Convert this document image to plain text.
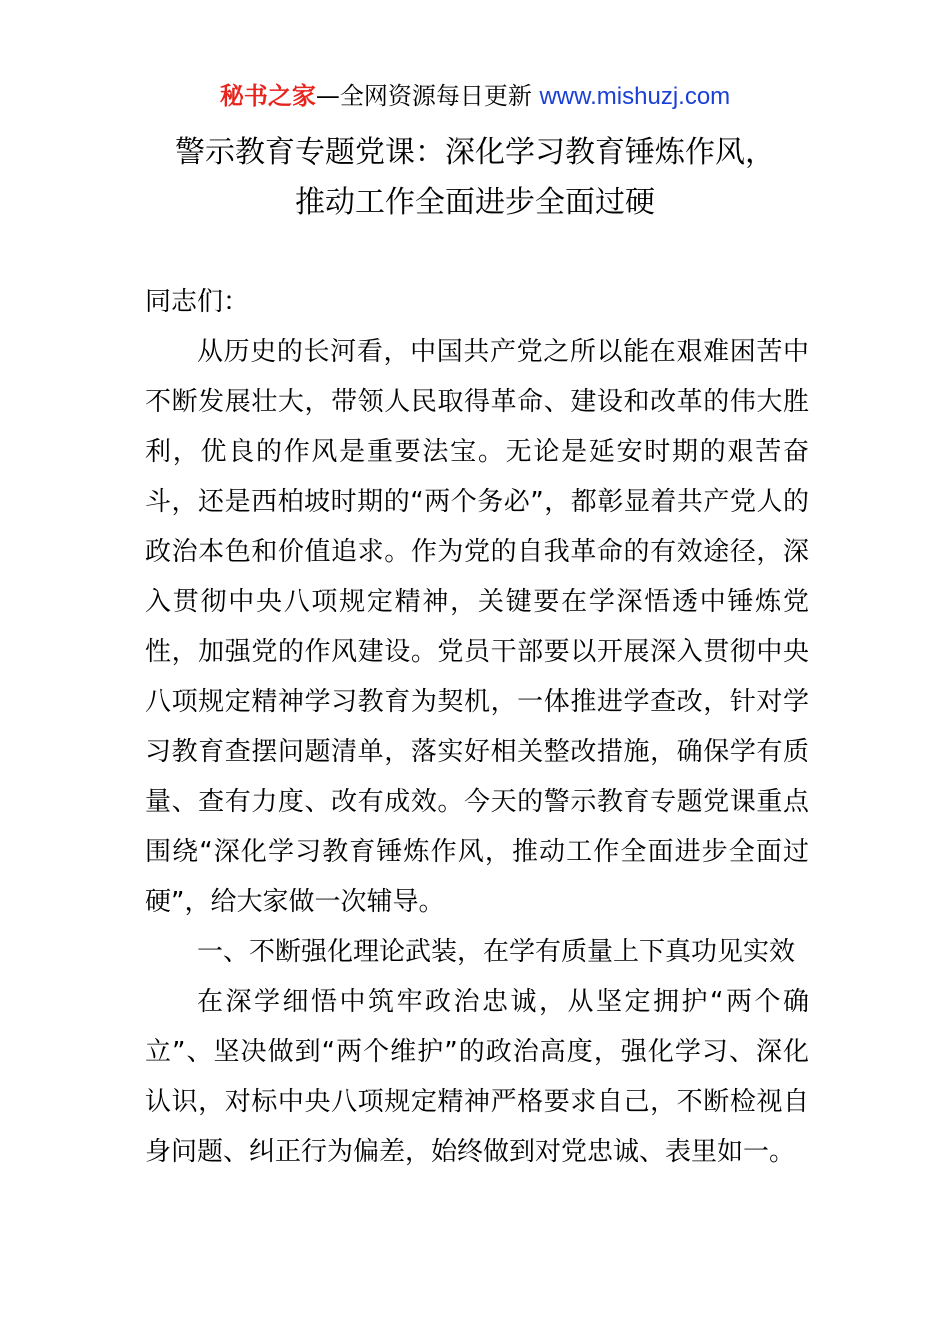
秘书之家—全网资源每日更新 www.mishuzj.com
警示教育专题党课：深化学习教育锤炼作风，
推动工作全面进步全面过硬

同志们：

从历史的长河看，中国共产党之所以能在艰难困苦中不断发展壮大，带领人民取得革命、建设和改革的伟大胜利，优良的作风是重要法宝。无论是延安时期的艰苦奋斗，还是西柏坡时期的“两个务必”，都彰显着共产党人的政治本色和价值追求。作为党的自我革命的有效途径，深入贯彻中央八项规定精神，关键要在学深悟透中锤炼党性，加强党的作风建设。党员干部要以开展深入贯彻中央八项规定精神学习教育为契机，一体推进学查改，针对学习教育查摆问题清单，落实好相关整改措施，确保学有质量、查有力度、改有成效。今天的警示教育专题党课重点围绕“深化学习教育锤炼作风，推动工作全面进步全面过硬”，给大家做一次辅导。

一、不断强化理论武装，在学有质量上下真功见实效

在深学细悟中筑牢政治忠诚，从坚定拥护“两个确立”、坚决做到“两个维护”的政治高度，强化学习、深化认识，对标中央八项规定精神严格要求自己，不断检视自身问题、纠正行为偏差，始终做到对党忠诚、表里如一。
